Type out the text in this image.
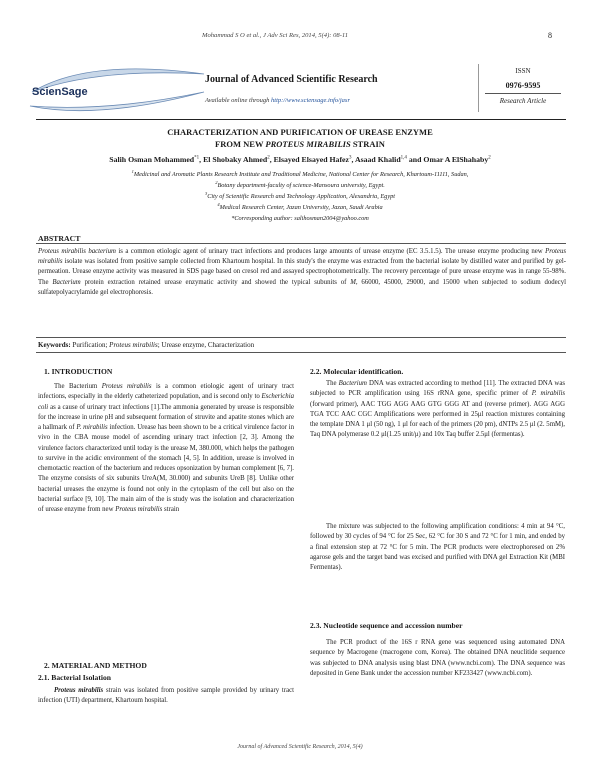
Mohammad S O et al., J Adv Sci Res, 2014, 5(4): 08-11	8
ScienSage
Journal of Advanced Scientific Research
Available online through http://www.sciensage.info/jasr
ISSN
0976-9595
Research Article
CHARACTERIZATION AND PURIFICATION OF UREASE ENZYME
FROM NEW PROTEUS MIRABILIS STRAIN
Salih Osman Mohammed$^{*1}$, El Shobaky Ahmed$^2$, Elsayed Elsayed Hafez$^3$, Asaad Khalid$^{1,4}$ and Omar A ElShahaby$^2$
$^1$Medicinal and Aromatic Plants Research Institute and Traditional Medicine, National Center for Research, Khartoum-11111, Sudan,
$^2$Botany department-faculty of science-Mansoura university, Egypt.
$^3$City of Scientific Research and Technology Application, Alexandria, Egypt
$^4$Medical Research Center, Jazan University, Jazan, Saudi Arabia
*Corresponding author: salihosman2004@yahoo.com
ABSTRACT
Proteus mirabilis bacterium is a common etiologic agent of urinary tract infections and produces large amounts of urease enzyme (EC 3.5.1.5). The urease enzyme producing new Proteus mirabilis isolate was isolated from positive sample collected from Khartoum hospital. In this study's the enzyme was extracted from the bacterial isolate by distilled water and purified by gel-permeation. Urease enzyme activity was measured in SDS page based on cresol red and assayed spectrophotometrically. The recovery percentage of pure urease enzyme was in range 55-98%. The Bacterium protein extraction retained urease enzymatic activity and showed the typical subunits of M, 66000, 45000, 29000, and 15000 when subjected to sodium dodecyl sulfatepolyacrylamide gel electrophoresis.
Keywords: Purification; Proteus mirabilis; Urease enzyme, Characterization
1. INTRODUCTION
The Bacterium Proteus mirabilis is a common etiologic agent of urinary tract infections, especially in the elderly catheterized population, and is second only to Escherichia coli as a cause of urinary tract infections [1].The ammonia generated by urease is responsible for the increase in urine pH and subsequent formation of struvite and apatite stones which are a hallmark of P. mirabilis infection. Urease has been shown to be a critical virulence factor in vivo in the CBA mouse model of ascending urinary tract infection [2, 3]. Among the virulence factors characterized until today is the urease M, 380.000, which helps the pathogen to survive in the acidic environment of the stomach [4, 5]. In addition, urease is involved in chemotactic reaction of the bacterium and reduces opsonization by human complement [6, 7]. The enzyme consists of six subunits UreA(M, 30.000) and subunits UreB [8]. Unlike other bacterial ureases the enzyme is found not only in the cytoplasm of the cell but also on the bacterial surface [9, 10]. The main aim of the is study was the isolation and characterization of urease enzyme from new Proteus mirabilis strain
2. MATERIAL AND METHOD
2.1. Bacterial Isolation
Proteus mirabilis strain was isolated from positive sample provided by urinary tract infection (UTI) department, Khartoum hospital.
2.2. Molecular identification.
The Bacterium DNA was extracted according to method [11]. The extracted DNA was subjected to PCR amplification using 16S rRNA gene, specific primer of P. mirabilis (forward primer), AAC TGG AGG AAG GTG GGG AT and (reverse primer). AGG AGG TGA TCC AAC CGC Amplifications were performed in 25μl reaction mixtures containing the template DNA 1 μl (50 ng), 1 μl for each of the primers (20 pm), dNTPs 2.5 μl (2. 5mM), Taq DNA polymerase 0.2 μl(1.25 unit/μ) and 10x Taq buffer 2.5μl (fermentas).
The mixture was subjected to the following amplification conditions: 4 min at 94 °C, followed by 30 cycles of 94 °C for 25 Sec, 62 °C for 30 S and 72 °C for 1 min, and ended by a final extension step at 72 °C for 5 min. The PCR products were electrophoresed on 2% agarose gels and the target band was excised and purified with DNA gel Extraction Kit (MBI Fermentas).
2.3. Nucleotide sequence and accession number
The PCR product of the 16S r RNA gene was sequenced using automated DNA sequence by Macrogene (macrogene com, Korea). The obtained DNA neuclitide sequence was subjected to DNA analysis using blast DNA (www.ncbi.com). The DNA sequence was deposited in Gene Bank under the accession number KF233427 (www.ncbi.com).
Journal of Advanced Scientific Research, 2014, 5(4)
